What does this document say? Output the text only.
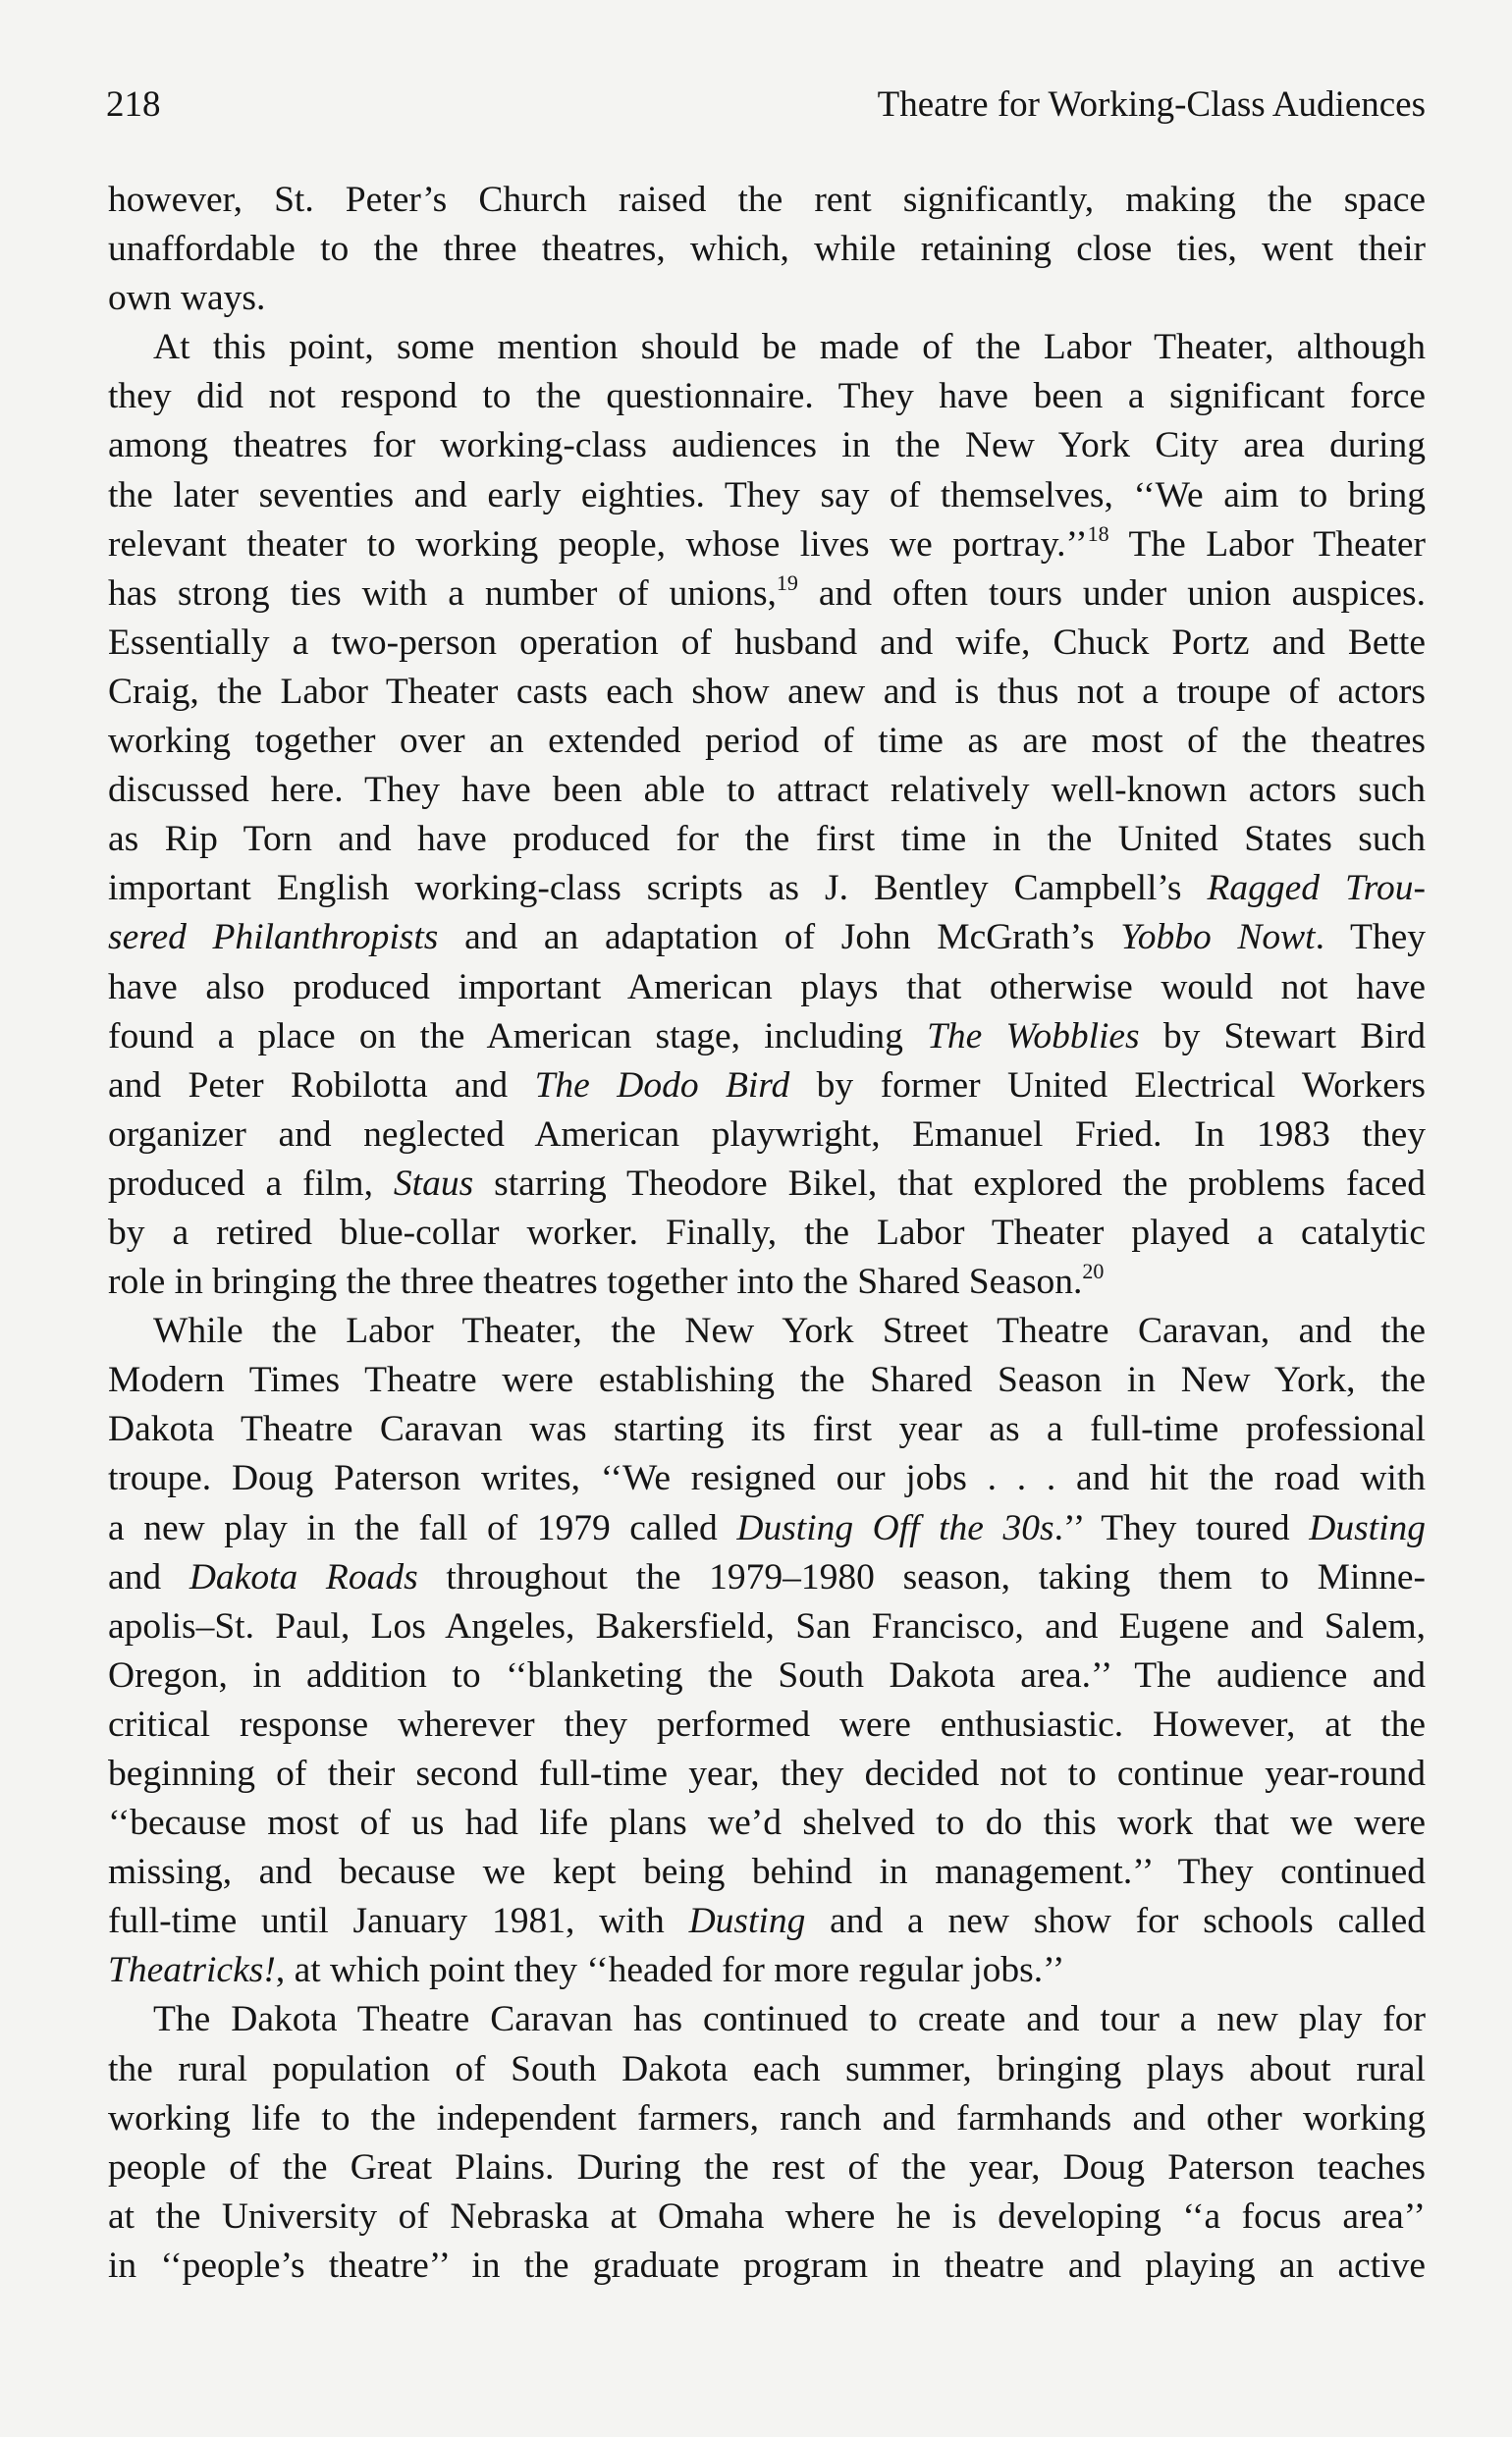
218	Theatre for Working-Class Audiences
however, St. Peter’s Church raised the rent significantly, making the space
unaffordable to the three theatres, which, while retaining close ties, went their
own ways.
At this point, some mention should be made of the Labor Theater, although
they did not respond to the questionnaire. They have been a significant force
among theatres for working-class audiences in the New York City area during
the later seventies and early eighties. They say of themselves, ‘‘We aim to bring
relevant theater to working people, whose lives we portray.’’$^{18}$ The Labor Theater
has strong ties with a number of unions,$^{19}$ and often tours under union auspices.
Essentially a two-person operation of husband and wife, Chuck Portz and Bette
Craig, the Labor Theater casts each show anew and is thus not a troupe of actors
working together over an extended period of time as are most of the theatres
discussed here. They have been able to attract relatively well-known actors such
as Rip Torn and have produced for the first time in the United States such
important English working-class scripts as J. Bentley Campbell’s Ragged Trou-
sered Philanthropists and an adaptation of John McGrath’s Yobbo Nowt. They
have also produced important American plays that otherwise would not have
found a place on the American stage, including The Wobblies by Stewart Bird
and Peter Robilotta and The Dodo Bird by former United Electrical Workers
organizer and neglected American playwright, Emanuel Fried. In 1983 they
produced a film, Staus starring Theodore Bikel, that explored the problems faced
by a retired blue-collar worker. Finally, the Labor Theater played a catalytic
role in bringing the three theatres together into the Shared Season.$^{20}$
While the Labor Theater, the New York Street Theatre Caravan, and the
Modern Times Theatre were establishing the Shared Season in New York, the
Dakota Theatre Caravan was starting its first year as a full-time professional
troupe. Doug Paterson writes, ‘‘We resigned our jobs . . . and hit the road with
a new play in the fall of 1979 called Dusting Off the 30s.’’ They toured Dusting
and Dakota Roads throughout the 1979–1980 season, taking them to Minne-
apolis–St. Paul, Los Angeles, Bakersfield, San Francisco, and Eugene and Salem,
Oregon, in addition to ‘‘blanketing the South Dakota area.’’ The audience and
critical response wherever they performed were enthusiastic. However, at the
beginning of their second full-time year, they decided not to continue year-round
‘‘because most of us had life plans we’d shelved to do this work that we were
missing, and because we kept being behind in management.’’ They continued
full-time until January 1981, with Dusting and a new show for schools called
Theatricks!, at which point they ‘‘headed for more regular jobs.’’
The Dakota Theatre Caravan has continued to create and tour a new play for
the rural population of South Dakota each summer, bringing plays about rural
working life to the independent farmers, ranch and farmhands and other working
people of the Great Plains. During the rest of the year, Doug Paterson teaches
at the University of Nebraska at Omaha where he is developing ‘‘a focus area’’
in ‘‘people’s theatre’’ in the graduate program in theatre and playing an active
